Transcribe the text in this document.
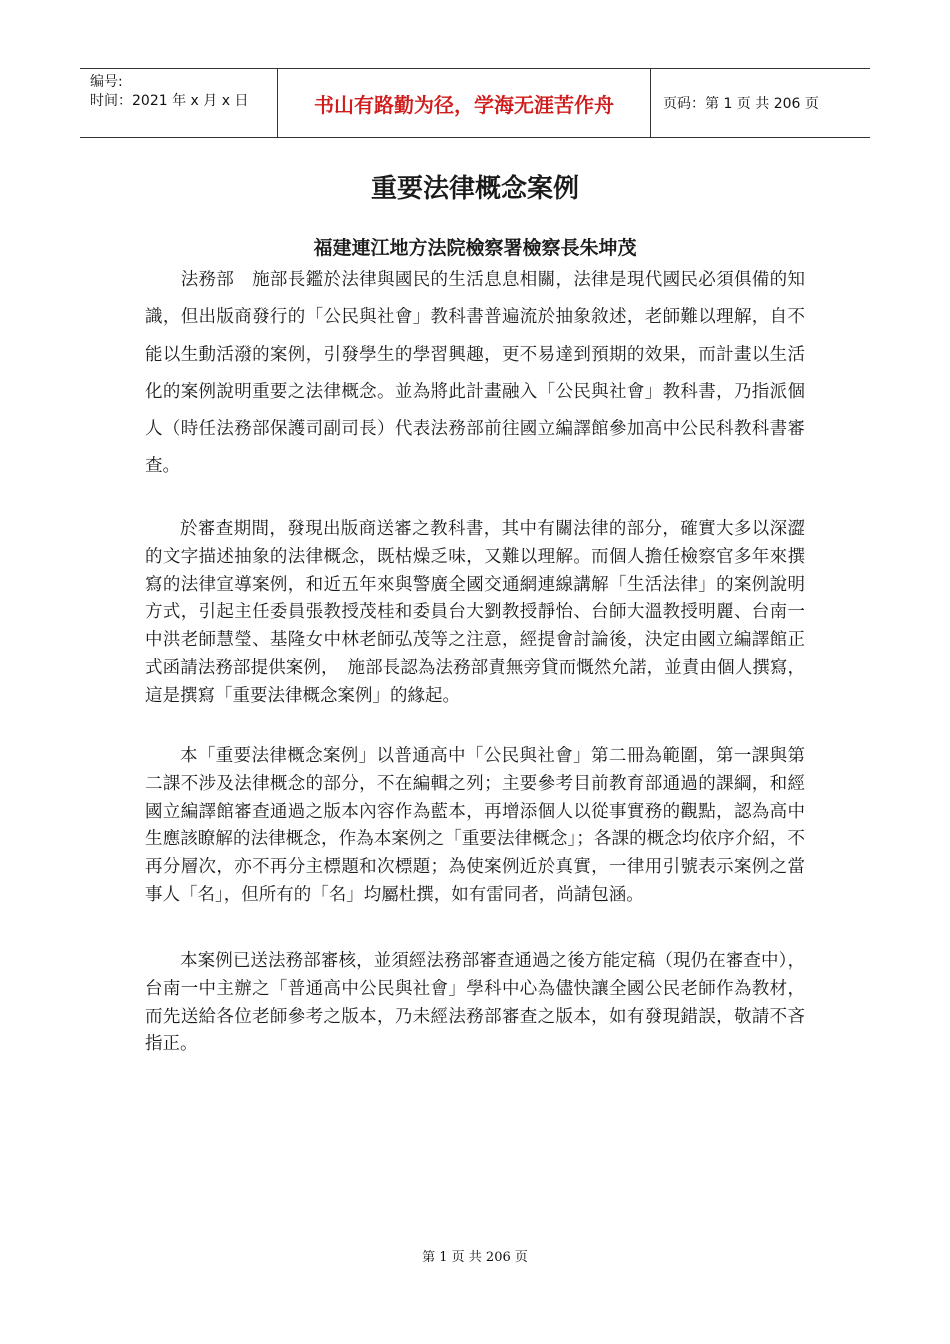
编号:
时间：2021 年 x 月 x 日	书山有路勤为径，学海无涯苦作舟	页码：第 1 页 共 206 页
重要法律概念案例
福建連江地方法院檢察署檢察長朱坤茂

　　法務部　施部長鑑於法律與國民的生活息息相關，法律是現代國民必須俱備的知識，但出版商發行的「公民與社會」教科書普遍流於抽象敘述，老師難以理解，自不能以生動活潑的案例，引發學生的學習興趣，更不易達到預期的效果，而計畫以生活化的案例說明重要之法律概念。並為將此計畫融入「公民與社會」教科書，乃指派個人（時任法務部保護司副司長）代表法務部前往國立編譯館參加高中公民科教科書審查。

於審查期間，發現出版商送審之教科書，其中有關法律的部分，確實大多以深澀的文字描述抽象的法律概念，既枯燥乏味，又難以理解。而個人擔任檢察官多年來撰寫的法律宣導案例，和近五年來與警廣全國交通網連線講解「生活法律」的案例說明方式，引起主任委員張教授茂桂和委員台大劉教授靜怡、台師大溫教授明麗、台南一中洪老師慧瑩、基隆女中林老師弘茂等之注意，經提會討論後，決定由國立編譯館正式函請法務部提供案例，　施部長認為法務部責無旁貸而慨然允諾，並責由個人撰寫，這是撰寫「重要法律概念案例」的緣起。

本「重要法律概念案例」以普通高中「公民與社會」第二冊為範圍，第一課與第二課不涉及法律概念的部分，不在編輯之列；主要參考目前教育部通過的課綱，和經國立編譯館審查通過之版本內容作為藍本，再增添個人以從事實務的觀點，認為高中生應該瞭解的法律概念，作為本案例之「重要法律概念」；各課的概念均依序介紹，不再分層次，亦不再分主標題和次標題；為使案例近於真實，一律用引號表示案例之當事人「名」，但所有的「名」均屬杜撰，如有雷同者，尚請包涵。

本案例已送法務部審核，並須經法務部審查通過之後方能定稿（現仍在審查中），台南一中主辦之「普通高中公民與社會」學科中心為儘快讓全國公民老師作為教材，而先送給各位老師參考之版本，乃未經法務部審查之版本，如有發現錯誤，敬請不吝指正。

第 1 页 共 206 页
